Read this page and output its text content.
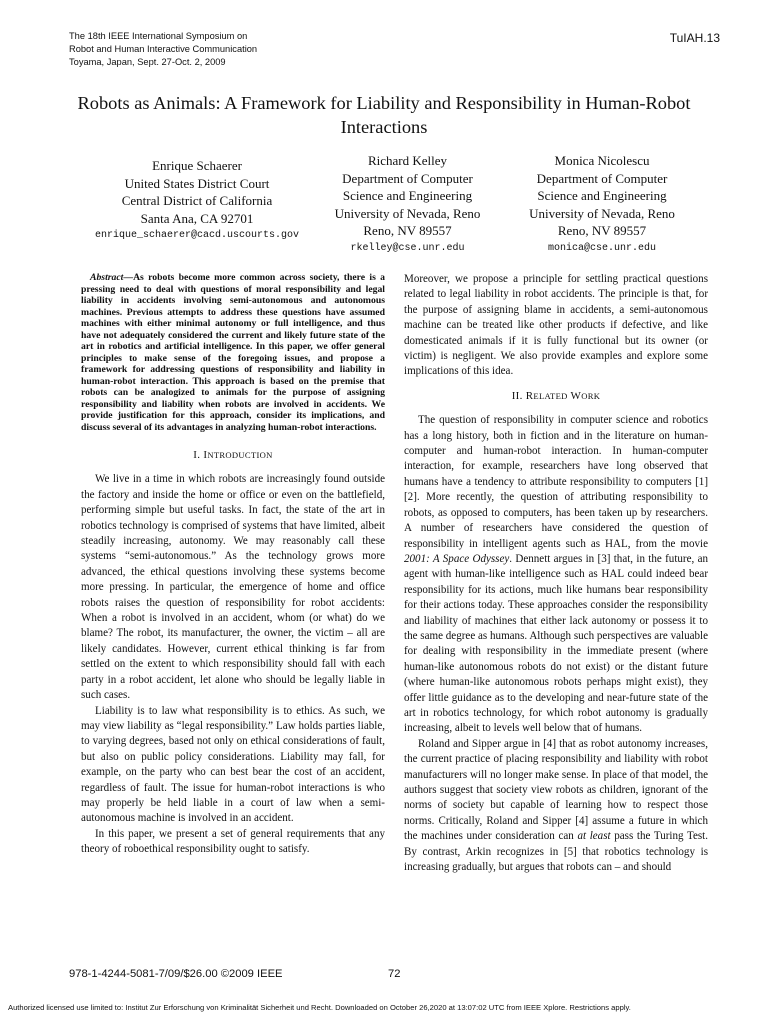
The 18th IEEE International Symposium on
Robot and Human Interactive Communication
Toyama, Japan, Sept. 27-Oct. 2, 2009
TuIAH.13
Robots as Animals: A Framework for Liability and Responsibility in Human-Robot Interactions
Enrique Schaerer
United States District Court
Central District of California
Santa Ana, CA 92701
enrique_schaerer@cacd.uscourts.gov
Richard Kelley
Department of Computer
Science and Engineering
University of Nevada, Reno
Reno, NV 89557
rkelley@cse.unr.edu
Monica Nicolescu
Department of Computer
Science and Engineering
University of Nevada, Reno
Reno, NV 89557
monica@cse.unr.edu

Abstract—As robots become more common across society, there is a pressing need to deal with questions of moral responsibility and legal liability in accidents involving semi-autonomous and autonomous machines. Previous attempts to address these questions have assumed machines with either minimal autonomy or full intelligence, and thus have not adequately considered the current and likely future state of the art in robotics and artificial intelligence. In this paper, we offer general principles to make sense of the foregoing issues, and propose a framework for addressing questions of responsibility and liability in human-robot interaction. This approach is based on the premise that robots can be analogized to animals for the purpose of assigning responsibility and liability when robots are involved in accidents. We provide justification for this approach, consider its implications, and discuss several of its advantages in analyzing human-robot interactions.

I. INTRODUCTION

We live in a time in which robots are increasingly found outside the factory and inside the home or office or even on the battlefield, performing simple but useful tasks. In fact, the state of the art in robotics technology is comprised of systems that have limited, albeit steadily increasing, autonomy. We may reasonably call these systems “semi-autonomous.” As the technology grows more advanced, the ethical questions involving these systems become more pressing. In particular, the emergence of home and office robots raises the question of responsibility for robot accidents: When a robot is involved in an accident, whom (or what) do we blame? The robot, its manufacturer, the owner, the victim – all are likely candidates. However, current ethical thinking is far from settled on the extent to which responsibility should fall with each party in a robot accident, let alone who should be legally liable in such cases.

Liability is to law what responsibility is to ethics. As such, we may view liability as “legal responsibility.” Law holds parties liable, to varying degrees, based not only on ethical considerations of fault, but also on public policy considerations. Liability may fall, for example, on the party who can best bear the cost of an accident, regardless of fault. The issue for human-robot interactions is who may properly be held liable in a court of law when a semi-autonomous machine is involved in an accident.

In this paper, we present a set of general requirements that any theory of roboethical responsibility ought to satisfy.

Moreover, we propose a principle for settling practical questions related to legal liability in robot accidents. The principle is that, for the purpose of assigning blame in accidents, a semi-autonomous machine can be treated like other products if defective, and like domesticated animals if it is fully functional but its owner (or victim) is negligent. We also provide examples and explore some implications of this idea.

II. RELATED WORK

The question of responsibility in computer science and robotics has a long history, both in fiction and in the literature on human-computer and human-robot interaction. In human-computer interaction, for example, researchers have long observed that humans have a tendency to attribute responsibility to computers [1] [2]. More recently, the question of attributing responsibility to robots, as opposed to computers, has been taken up by researchers. A number of researchers have considered the question of responsibility in intelligent agents such as HAL, from the movie 2001: A Space Odyssey. Dennett argues in [3] that, in the future, an agent with human-like intelligence such as HAL could indeed bear responsibility for its actions, much like humans bear responsibility for their actions today. These approaches consider the responsibility and liability of machines that either lack autonomy or possess it to the same degree as humans. Although such perspectives are valuable for dealing with responsibility in the immediate present (where human-like autonomous robots do not exist) or the distant future (where human-like autonomous robots perhaps might exist), they offer little guidance as to the developing and near-future state of the art in robotics technology, for which robot autonomy is gradually increasing, albeit to levels well below that of humans.

Roland and Sipper argue in [4] that as robot autonomy increases, the current practice of placing responsibility and liability with robot manufacturers will no longer make sense. In place of that model, the authors suggest that society view robots as children, ignorant of the norms of society but capable of learning how to respect those norms. Critically, Roland and Sipper [4] assume a future in which the machines under consideration can at least pass the Turing Test. By contrast, Arkin recognizes in [5] that robotics technology is increasing gradually, but argues that robots can – and should

978-1-4244-5081-7/09/$26.00 ©2009 IEEE	72
Authorized licensed use limited to: Institut Zur Erforschung von Kriminalität Sicherheit und Recht. Downloaded on October 26,2020 at 13:07:02 UTC from IEEE Xplore. Restrictions apply.
